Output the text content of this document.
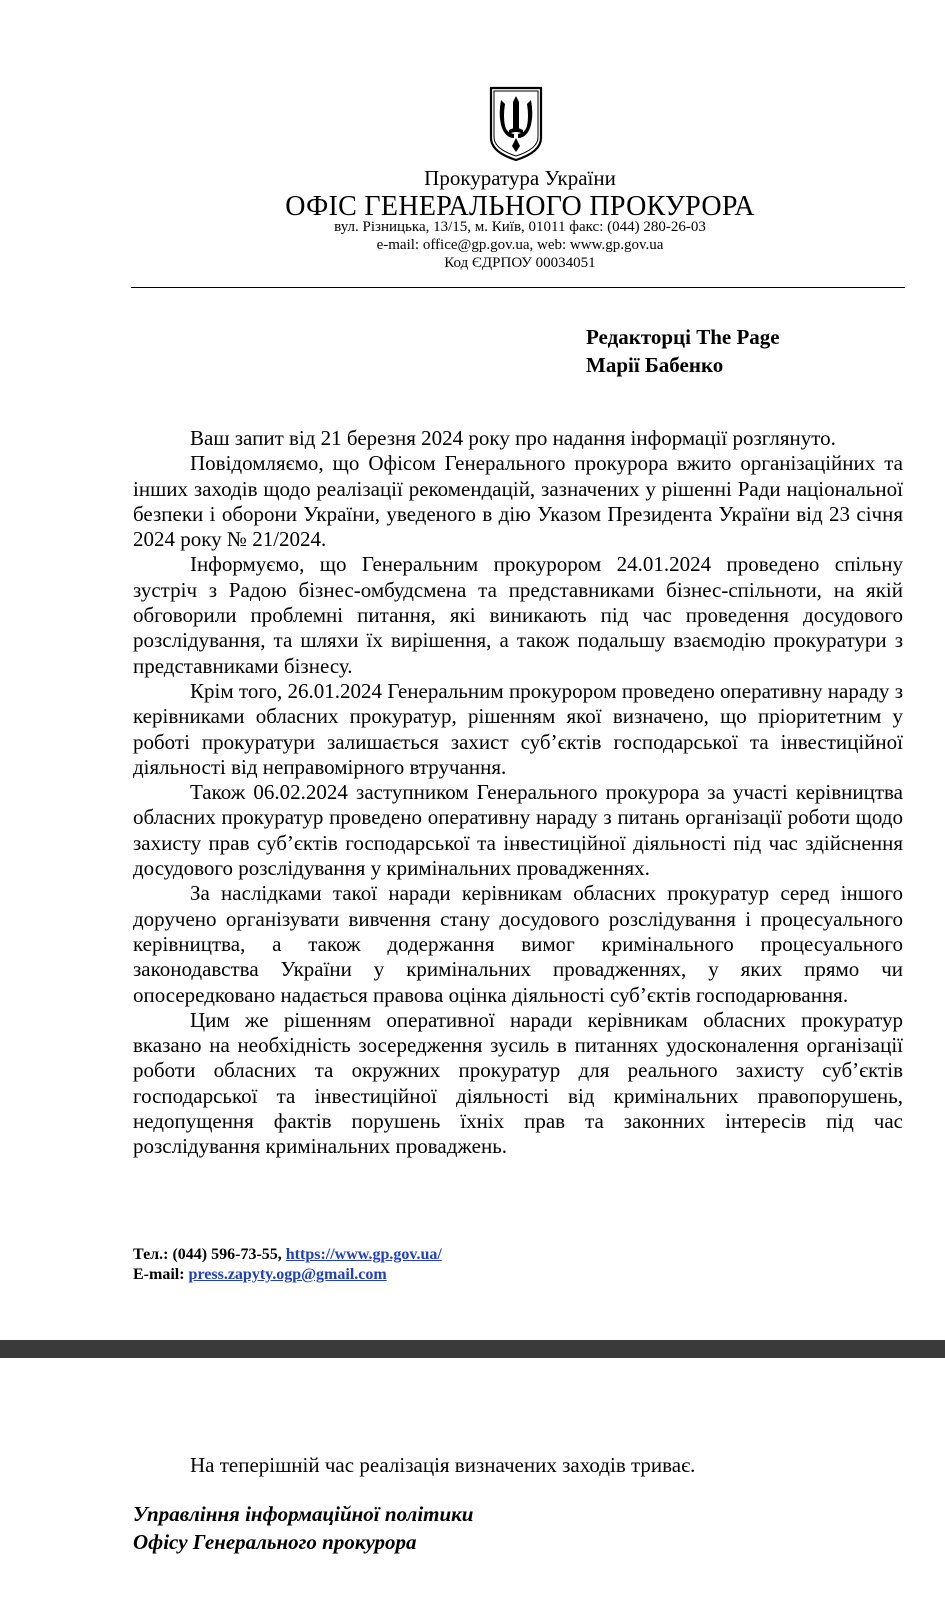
Прокуратура України
ОФІС ГЕНЕРАЛЬНОГО ПРОКУРОРА
вул. Різницька, 13/15, м. Київ, 01011 факс: (044) 280-26-03
e-mail: office@gp.gov.ua, web: www.gp.gov.ua
Код ЄДРПОУ 00034051
Редакторці The Page
Марії Бабенко

Ваш запит від 21 березня 2024 року про надання інформації розглянуто.

Повідомляємо, що Офісом Генерального прокурора вжито організаційних та інших заходів щодо реалізації рекомендацій, зазначених у рішенні Ради національної безпеки і оборони України, уведеного в дію Указом Президента України від 23 січня 2024 року № 21/2024.

Інформуємо, що Генеральним прокурором 24.01.2024 проведено спільну зустріч з Радою бізнес-омбудсмена та представниками бізнес-спільноти, на якій обговорили проблемні питання, які виникають під час проведення досудового розслідування, та шляхи їх вирішення, а також подальшу взаємодію прокуратури з представниками бізнесу.

Крім того, 26.01.2024 Генеральним прокурором проведено оперативну нараду з керівниками обласних прокуратур, рішенням якої визначено, що пріоритетним у роботі прокуратури залишається захист суб’єктів господарської та інвестиційної діяльності від неправомірного втручання.

Також 06.02.2024 заступником Генерального прокурора за участі керівництва обласних прокуратур проведено оперативну нараду з питань організації роботи щодо захисту прав суб’єктів господарської та інвестиційної діяльності під час здійснення досудового розслідування у кримінальних провадженнях.

За наслідками такої наради керівникам обласних прокуратур серед іншого доручено організувати вивчення стану досудового розслідування і процесуального керівництва, а також додержання вимог кримінального процесуального законодавства України у кримінальних провадженнях, у яких прямо чи опосередковано надається правова оцінка діяльності суб’єктів господарювання.

Цим же рішенням оперативної наради керівникам обласних прокуратур вказано на необхідність зосередження зусиль в питаннях удосконалення організації роботи обласних та окружних прокуратур для реального захисту суб’єктів господарської та інвестиційної діяльності від кримінальних правопорушень, недопущення фактів порушень їхніх прав та законних інтересів під час розслідування кримінальних проваджень.

Тел.: (044) 596-73-55, https://www.gp.gov.ua/
E-mail: press.zapyty.ogp@gmail.com
На теперішній час реалізація визначених заходів триває.
Управління інформаційної політики
Офісу Генерального прокурора
